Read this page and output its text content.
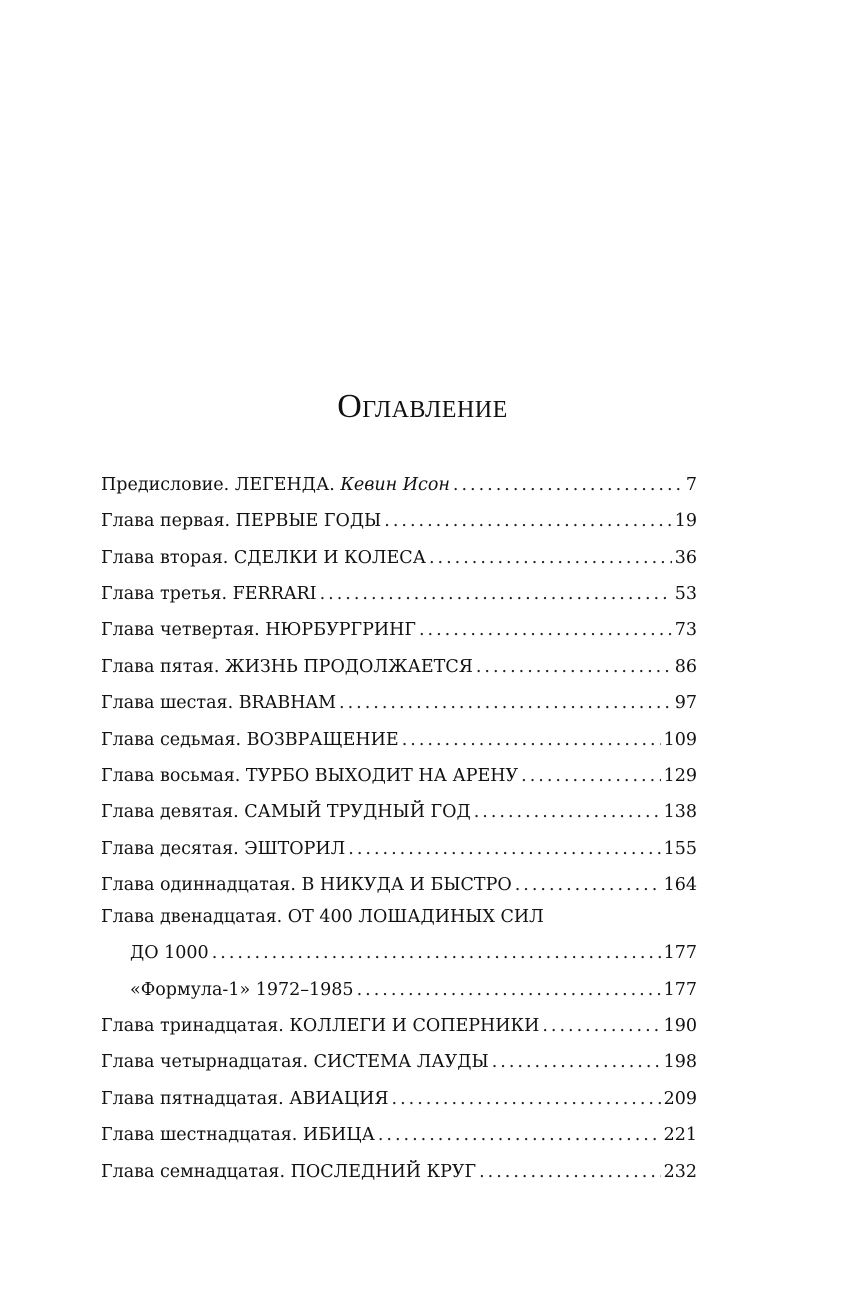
Оглавление
Предисловие. ЛЕГЕНДА. Кевин Исон .....	7
Глава первая. ПЕРВЫЕ ГОДЫ .....	19
Глава вторая. СДЕЛКИ И КОЛЕСА .....	36
Глава третья. FERRARI .....	53
Глава четвертая. НЮРБУРГРИНГ .....	73
Глава пятая. ЖИЗНЬ ПРОДОЛЖАЕТСЯ .....	86
Глава шестая. BRABHAM .....	97
Глава седьмая. ВОЗВРАЩЕНИЕ .....	109
Глава восьмая. ТУРБО ВЫХОДИТ НА АРЕНУ .....	129
Глава девятая. САМЫЙ ТРУДНЫЙ ГОД .....	138
Глава десятая. ЭШТОРИЛ .....	155
Глава одиннадцатая. В НИКУДА И БЫСТРО .....	164
Глава двенадцатая. ОТ 400 ЛОШАДИНЫХ СИЛ
ДО 1000 .....	177
«Формула-1» 1972–1985 .....	177
Глава тринадцатая. КОЛЛЕГИ И СОПЕРНИКИ .....	190
Глава четырнадцатая. СИСТЕМА ЛАУДЫ .....	198
Глава пятнадцатая. АВИАЦИЯ .....	209
Глава шестнадцатая. ИБИЦА .....	221
Глава семнадцатая. ПОСЛЕДНИЙ КРУГ .....	232
